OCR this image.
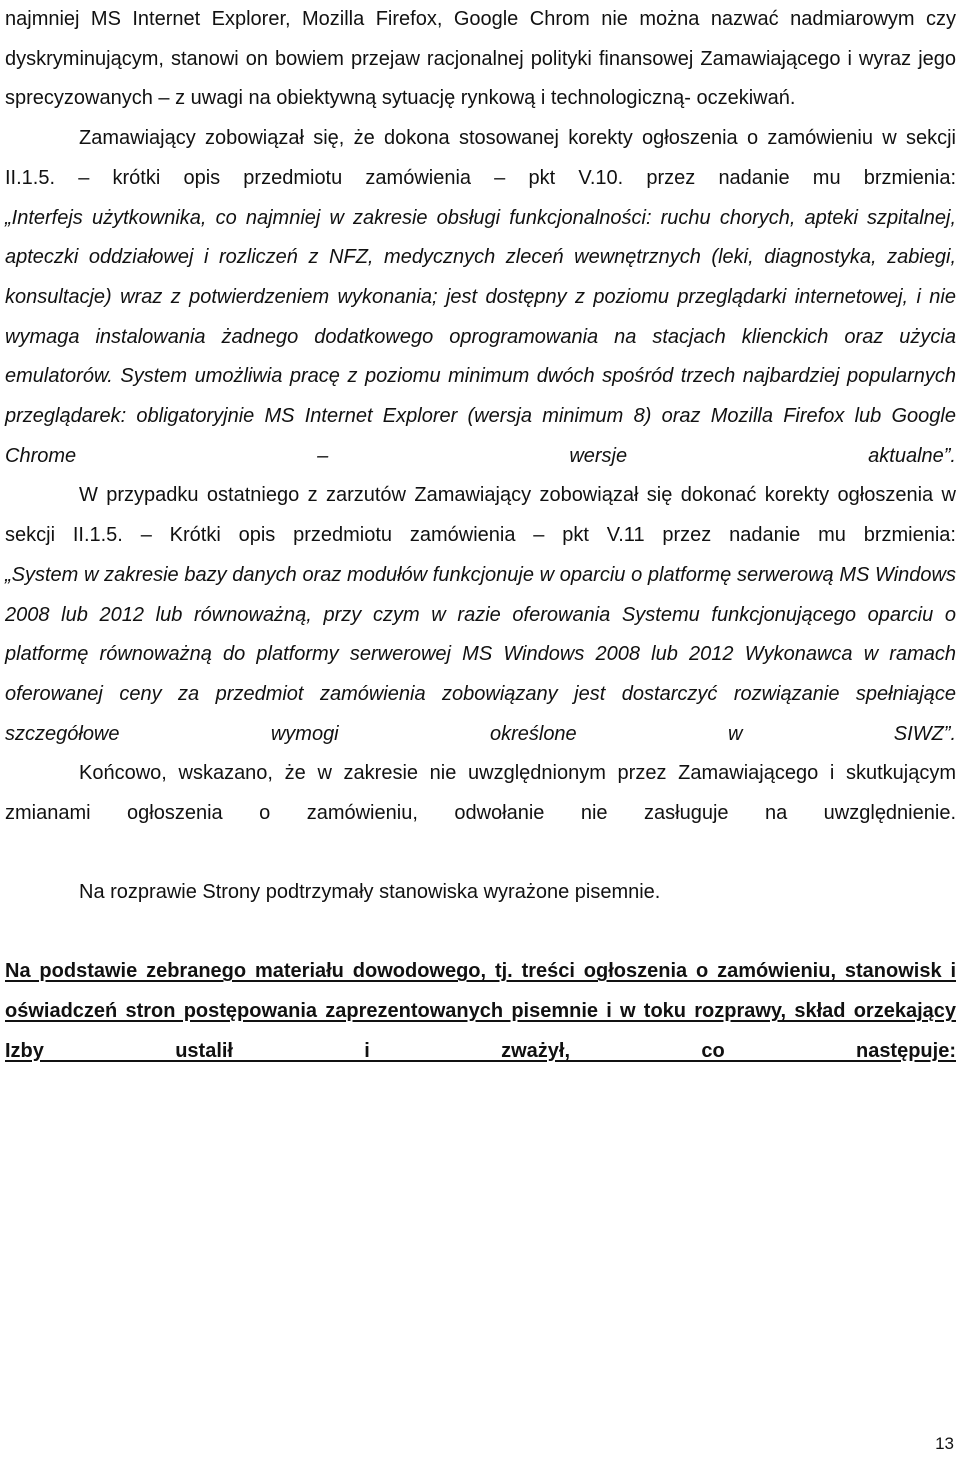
najmniej MS Internet Explorer, Mozilla Firefox, Google Chrom nie można nazwać nadmiarowym czy dyskryminującym, stanowi on bowiem przejaw racjonalnej polityki finansowej Zamawiającego i wyraz jego sprecyzowanych – z uwagi na obiektywną sytuację rynkową i technologiczną- oczekiwań.

Zamawiający zobowiązał się, że dokona stosowanej korekty ogłoszenia o zamówieniu w sekcji II.1.5. – krótki opis przedmiotu zamówienia – pkt V.10. przez nadanie mu brzmienia:

„Interfejs użytkownika, co najmniej w zakresie obsługi funkcjonalności: ruchu chorych, apteki szpitalnej, apteczki oddziałowej i rozliczeń z NFZ, medycznych zleceń wewnętrznych (leki, diagnostyka, zabiegi, konsultacje) wraz z potwierdzeniem wykonania; jest dostępny z poziomu przeglądarki internetowej, i nie wymaga instalowania żadnego dodatkowego oprogramowania na stacjach klienckich oraz użycia emulatorów. System umożliwia pracę z poziomu minimum dwóch spośród trzech najbardziej popularnych przeglądarek: obligatoryjnie MS Internet Explorer (wersja minimum 8) oraz Mozilla Firefox lub Google Chrome – wersje aktualne”.

W przypadku ostatniego z zarzutów Zamawiający zobowiązał się dokonać korekty ogłoszenia w sekcji II.1.5. – Krótki opis przedmiotu zamówienia – pkt V.11 przez nadanie mu brzmienia:

„System w zakresie bazy danych oraz modułów funkcjonuje w oparciu o platformę serwerową MS Windows 2008 lub 2012 lub równoważną, przy czym w razie oferowania Systemu funkcjonującego oparciu o platformę równoważną do platformy serwerowej MS Windows 2008 lub 2012 Wykonawca w ramach oferowanej ceny za przedmiot zamówienia zobowiązany jest dostarczyć rozwiązanie spełniające szczegółowe wymogi określone w SIWZ”.

Końcowo, wskazano, że w zakresie nie uwzględnionym przez Zamawiającego i skutkującym zmianami ogłoszenia o zamówieniu, odwołanie nie zasługuje na uwzględnienie.

Na rozprawie Strony podtrzymały stanowiska wyrażone pisemnie.

Na podstawie zebranego materiału dowodowego, tj. treści ogłoszenia o zamówieniu, stanowisk i oświadczeń stron postępowania zaprezentowanych pisemnie i w toku rozprawy, skład orzekający Izby ustalił i zważył, co następuje:

13
